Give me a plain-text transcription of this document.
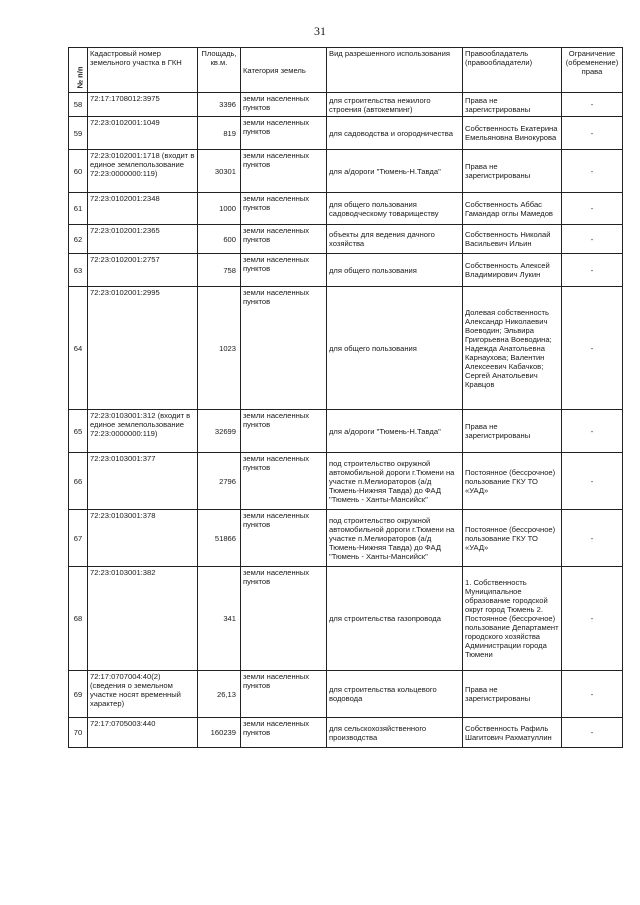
31
№ п/п	Кадастровый номер земельного участка в ГКН	Площадь, кв.м.	Категория земель	Вид разрешенного использования	Правообладатель (правообладатели)	Ограничение (обременение) права
58	72:17:1708012:3975	3396	земли населенных пунктов	для строительства нежилого строения (автокемпинг)	Права не зарегистрированы	-
59	72:23:0102001:1049	819	земли населенных пунктов	для садоводства и огородничества	Собственность Екатерина Емельяновна Винокурова	-
60	72:23:0102001:1718 (входит в единое землепользование 72:23:0000000:119)	30301	земли населенных пунктов	для а/дороги "Тюмень-Н.Тавда"	Права не зарегистрированы	-
61	72:23:0102001:2348	1000	земли населенных пунктов	для общего пользования садоводческому товариществу	Собственность Аббас Гамандар оглы Мамедов	-
62	72:23:0102001:2365	600	земли населенных пунктов	объекты для ведения дачного хозяйства	Собственность Николай Васильевич Ильин	-
63	72:23:0102001:2757	758	земли населенных пунктов	для общего пользования	Собственность Алексей Владимирович Лукин	-
64	72:23:0102001:2995	1023	земли населенных пунктов	для общего пользования	Долевая собственность Александр Николаевич Воеводин; Эльвира Григорьевна Воеводина; Надежда Анатольевна Карнаухова; Валентин Алексеевич Кабачков; Сергей Анатольевич Кравцов	-
65	72:23:0103001:312 (входит в единое землепользование 72:23:0000000:119)	32699	земли населенных пунктов	для а/дороги "Тюмень-Н.Тавда"	Права не зарегистрированы	-
66	72:23:0103001:377	2796	земли населенных пунктов	под строительство окружной автомобильной дороги г.Тюмени на участке п.Мелиораторов (а/д Тюмень-Нижняя Тавда) до ФАД "Тюмень - Ханты-Мансийск"	Постоянное (бессрочное) пользование ГКУ ТО «УАД»	-
67	72:23:0103001:378	51866	земли населенных пунктов	под строительство окружной автомобильной дороги г.Тюмени на участке п.Мелиораторов (а/д Тюмень-Нижняя Тавда) до ФАД "Тюмень - Ханты-Мансийск"	Постоянное (бессрочное) пользование ГКУ ТО «УАД»	-
68	72:23:0103001:382	341	земли населенных пунктов	для строительства газопровода	1. Собственность Муниципальное образование городской округ город Тюмень 2. Постоянное (бессрочное) пользование Департамент городского хозяйства Администрации города Тюмени	-
69	72:17:0707004:40(2) (сведения о земельном участке носят временный характер)	26,13	земли населенных пунктов	для строительства кольцевого водовода	Права не зарегистрированы	-
70	72:17:0705003:440	160239	земли населенных пунктов	для сельскохозяйственного производства	Собственность Рафиль Шагитович Рахматуллин	-
